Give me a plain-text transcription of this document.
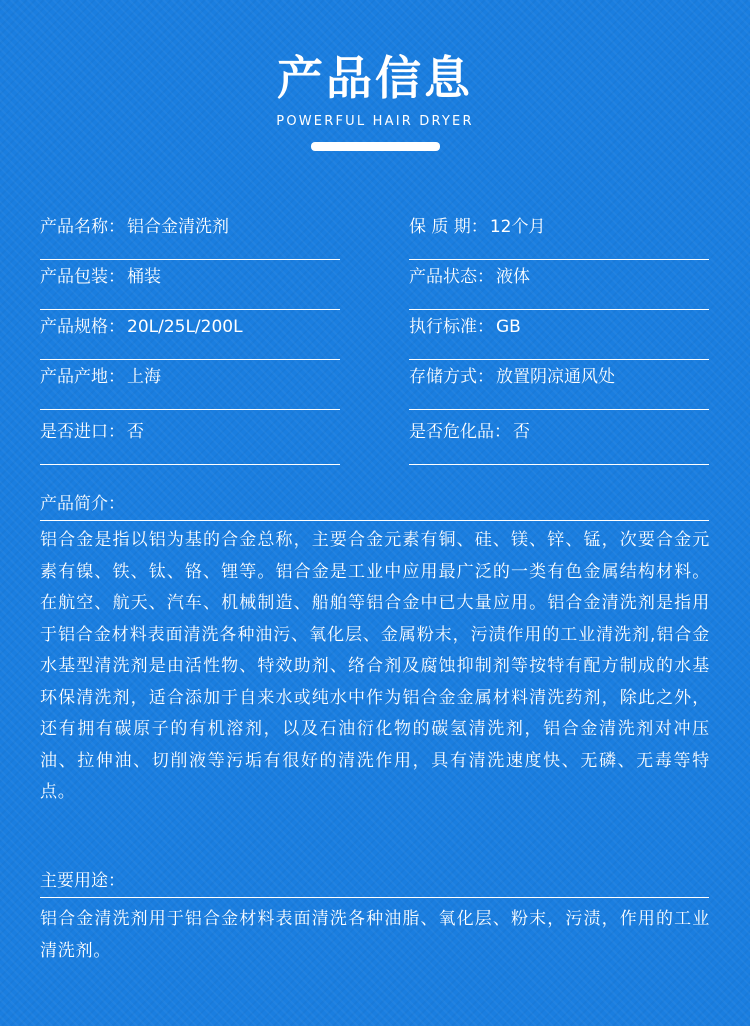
产品信息
POWERFUL HAIR DRYER
产品名称： 铝合金清洗剂
产品包装： 桶装
产品规格： 20L/25L/200L
产品产地： 上海
是否进口： 否
保 质 期： 12个月
产品状态： 液体
执行标准： GB
存储方式： 放置阴凉通风处
是否危化品： 否
产品简介：
铝合金是指以铝为基的合金总称，主要合金元素有铜、硅、镁、锌、锰，次要合金元素有镍、铁、钛、铬、锂等。铝合金是工业中应用最广泛的一类有色金属结构材料。在航空、航天、汽车、机械制造、船舶等铝合金中已大量应用。铝合金清洗剂是指用于铝合金材料表面清洗各种油污、氧化层、金属粉末，污渍作用的工业清洗剂,铝合金水基型清洗剂是由活性物、特效助剂、络合剂及腐蚀抑制剂等按特有配方制成的水基环保清洗剂，适合添加于自来水或纯水中作为铝合金金属材料清洗药剂，除此之外，还有拥有碳原子的有机溶剂，以及石油衍化物的碳氢清洗剂，铝合金清洗剂对冲压油、拉伸油、切削液等污垢有很好的清洗作用，具有清洗速度快、无磷、无毒等特点。
主要用途：
铝合金清洗剂用于铝合金材料表面清洗各种油脂、氧化层、粉末，污渍，作用的工业清洗剂。
